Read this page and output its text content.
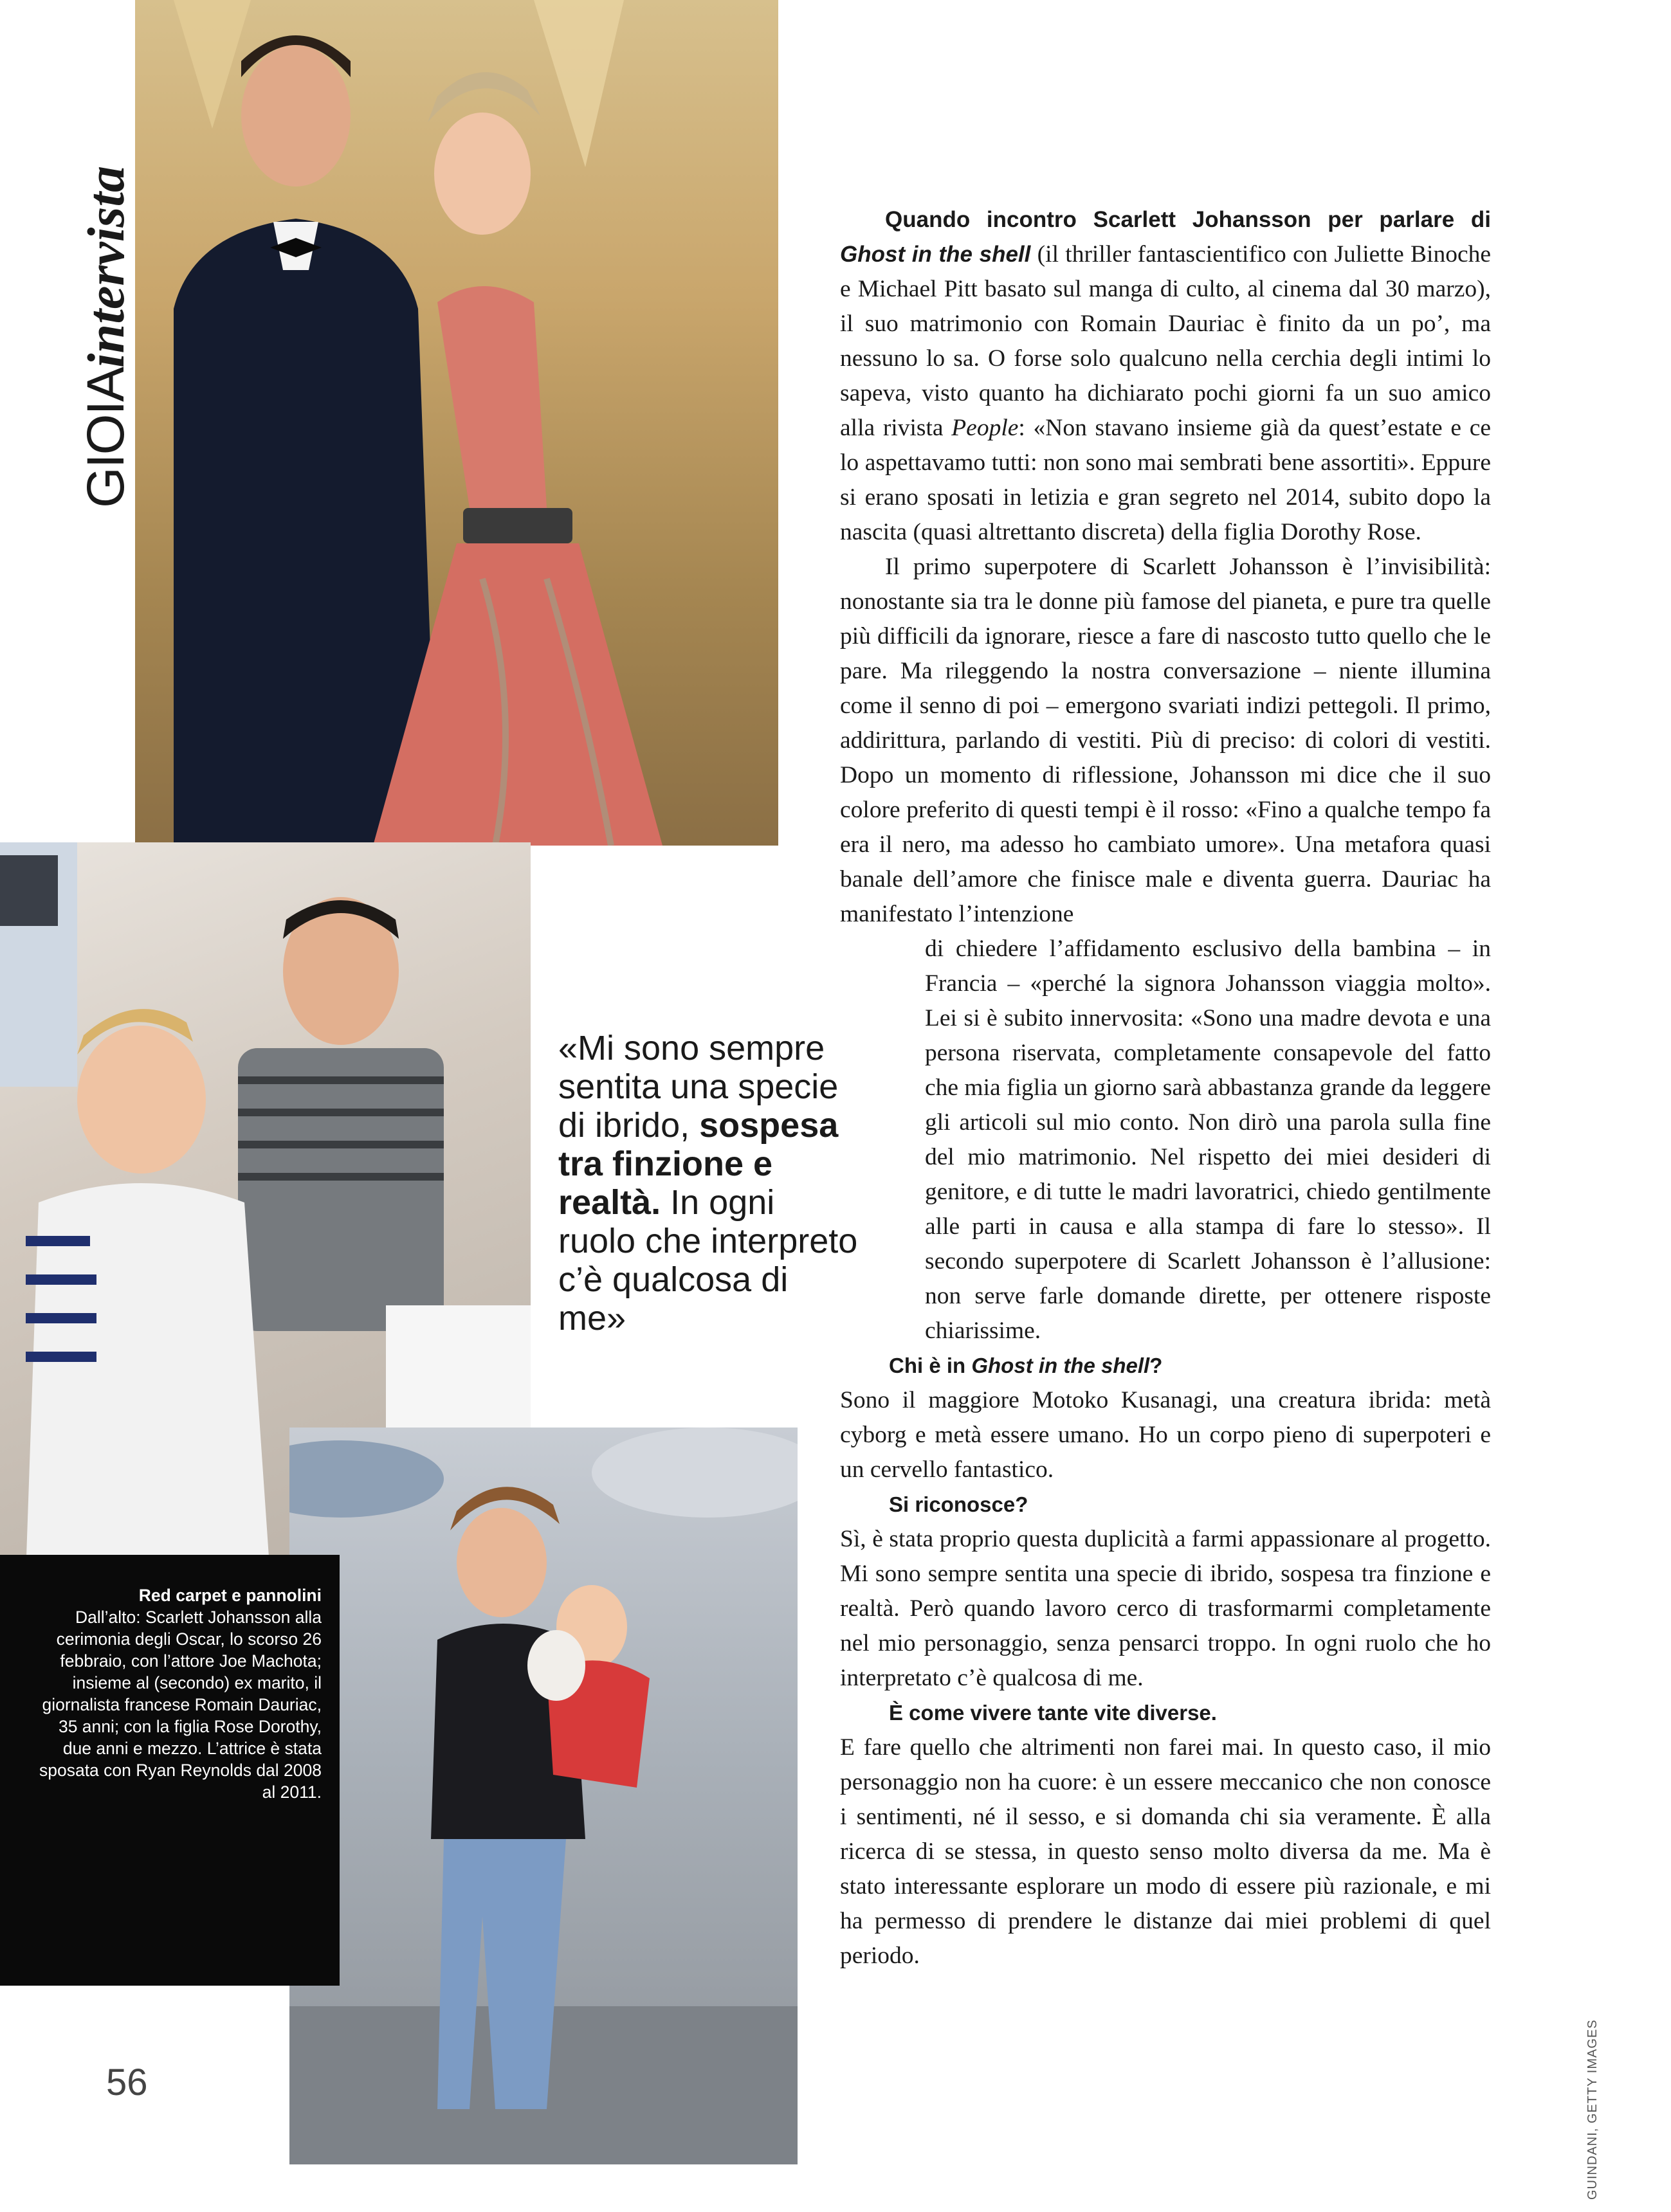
GIOIAintervista
«Mi sono sempre sentita una specie di ibrido, sospesa tra finzione e realtà. In ogni ruolo che interpreto c’è qualcosa di me»
Red carpet e pannolini
Dall’alto: Scarlett Johansson alla cerimonia degli Oscar, lo scorso 26 febbraio, con l’attore Joe Machota; insieme al (secondo) ex marito, il giornalista francese Romain Dauriac, 35 anni; con la figlia Rose Dorothy, due anni e mezzo. L’attrice è stata sposata con Ryan Reynolds dal 2008 al 2011.

Quando incontro Scarlett Johansson per parlare di Ghost in the shell (il thriller fantascientifico con Juliette Binoche e Michael Pitt basato sul manga di culto, al cinema dal 30 marzo), il suo matrimonio con Romain Dauriac è finito da un po’, ma nessuno lo sa. O forse solo qualcuno nella cerchia degli intimi lo sapeva, visto quanto ha dichiarato pochi giorni fa un suo amico alla rivista People: «Non stavano insieme già da quest’estate e ce lo aspettavamo tutti: non sono mai sembrati bene assortiti». Eppure si erano sposati in letizia e gran segreto nel 2014, subito dopo la nascita (quasi altrettanto discreta) della figlia Dorothy Rose.

Il primo superpotere di Scarlett Johansson è l’invisibilità: nonostante sia tra le donne più famose del pianeta, e pure tra quelle più difficili da ignorare, riesce a fare di nascosto tutto quello che le pare. Ma rileggendo la nostra conversazione – niente illumina come il senno di poi – emergono svariati indizi pettegoli. Il primo, addirittura, parlando di vestiti. Più di preciso: di colori di vestiti. Dopo un momento di riflessione, Johansson mi dice che il suo colore preferito di questi tempi è il rosso: «Fino a qualche tempo fa era il nero, ma adesso ho cambiato umore». Una metafora quasi banale dell’amore che finisce male e diventa guerra. Dauriac ha manifestato l’intenzione

di chiedere l’affidamento esclusivo della bambina – in Francia – «perché la signora Johansson viaggia molto». Lei si è subito innervosita: «Sono una madre devota e una persona riservata, completamente consapevole del fatto che mia figlia un giorno sarà abbastanza grande da leggere gli articoli sul mio conto. Non dirò una parola sulla fine del mio matrimonio. Nel rispetto dei miei desideri di genitore, e di tutte le madri lavoratrici, chiedo gentilmente alle parti in causa e alla stampa di fare lo stesso». Il secondo superpotere di Scarlett Johansson è l’allusione: non serve farle domande dirette, per ottenere risposte chiarissime.

Chi è in Ghost in the shell?

Sono il maggiore Motoko Kusanagi, una creatura ibrida: metà cyborg e metà essere umano. Ho un corpo pieno di superpoteri e un cervello fantastico.

Si riconosce?

Sì, è stata proprio questa duplicità a farmi appassionare al progetto. Mi sono sempre sentita una specie di ibrido, sospesa tra finzione e realtà. Però quando lavoro cerco di trasformarmi completamente nel mio personaggio, senza pensarci troppo. In ogni ruolo che ho interpretato c’è qualcosa di me.

È come vivere tante vite diverse.

E fare quello che altrimenti non farei mai. In questo caso, il mio personaggio non ha cuore: è un essere meccanico che non conosce i sentimenti, né il sesso, e si domanda chi sia veramente. È alla ricerca di se stessa, in questo senso molto diversa da me. Ma è stato interessante esplorare un modo di essere più razionale, e mi ha permesso di prendere le distanze dai miei problemi di quel periodo.

56	GUINDANI, GETTY IMAGES
